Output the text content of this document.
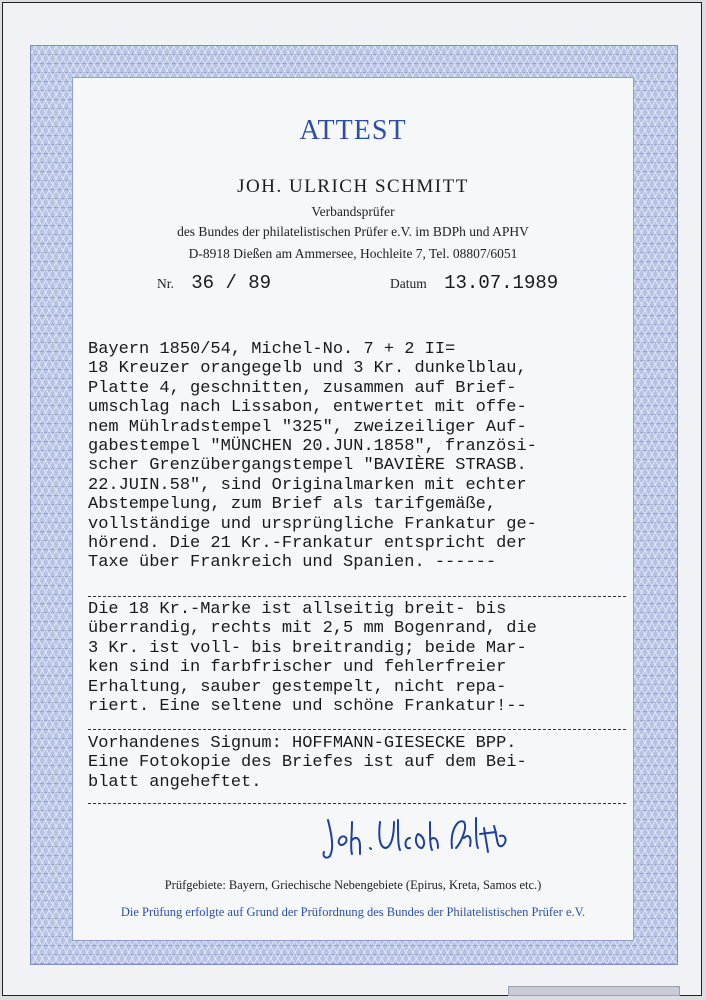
ATTEST
JOH. ULRICH SCHMITT
Verbandsprüfer
des Bundes der philatelistischen Prüfer e.V. im BDPh und APHV
D-8918 Dießen am Ammersee, Hochleite 7, Tel. 08807/6051
Nr. 36 / 89	Datum 13.07.1989
Bayern 1850/54, Michel-No. 7 + 2 II=
18 Kreuzer orangegelb und 3 Kr. dunkelblau,
Platte 4, geschnitten, zusammen auf Brief-
umschlag nach Lissabon, entwertet mit offe-
nem Mühlradstempel "325", zweizeiliger Auf-
gabestempel "MÜNCHEN 20.JUN.1858", französi-
scher Grenzübergangstempel "BAVIÈRE STRASB.
22.JUIN.58", sind Originalmarken mit echter
Abstempelung, zum Brief als tarifgemäße,
vollständige und ursprüngliche Frankatur ge-
hörend. Die 21 Kr.-Frankatur entspricht der
Taxe über Frankreich und Spanien. ------
Die 18 Kr.-Marke ist allseitig breit- bis
überrandig, rechts mit 2,5 mm Bogenrand, die
3 Kr. ist voll- bis breitrandig; beide Mar-
ken sind in farbfrischer und fehlerfreier
Erhaltung, sauber gestempelt, nicht repa-
riert. Eine seltene und schöne Frankatur!--
Vorhandenes Signum: HOFFMANN-GIESECKE BPP.
Eine Fotokopie des Briefes ist auf dem Bei-
blatt angeheftet.
Prüfgebiete: Bayern, Griechische Nebengebiete (Epirus, Kreta, Samos etc.)
Die Prüfung erfolgte auf Grund der Prüfordnung des Bundes der Philatelistischen Prüfer e.V.
